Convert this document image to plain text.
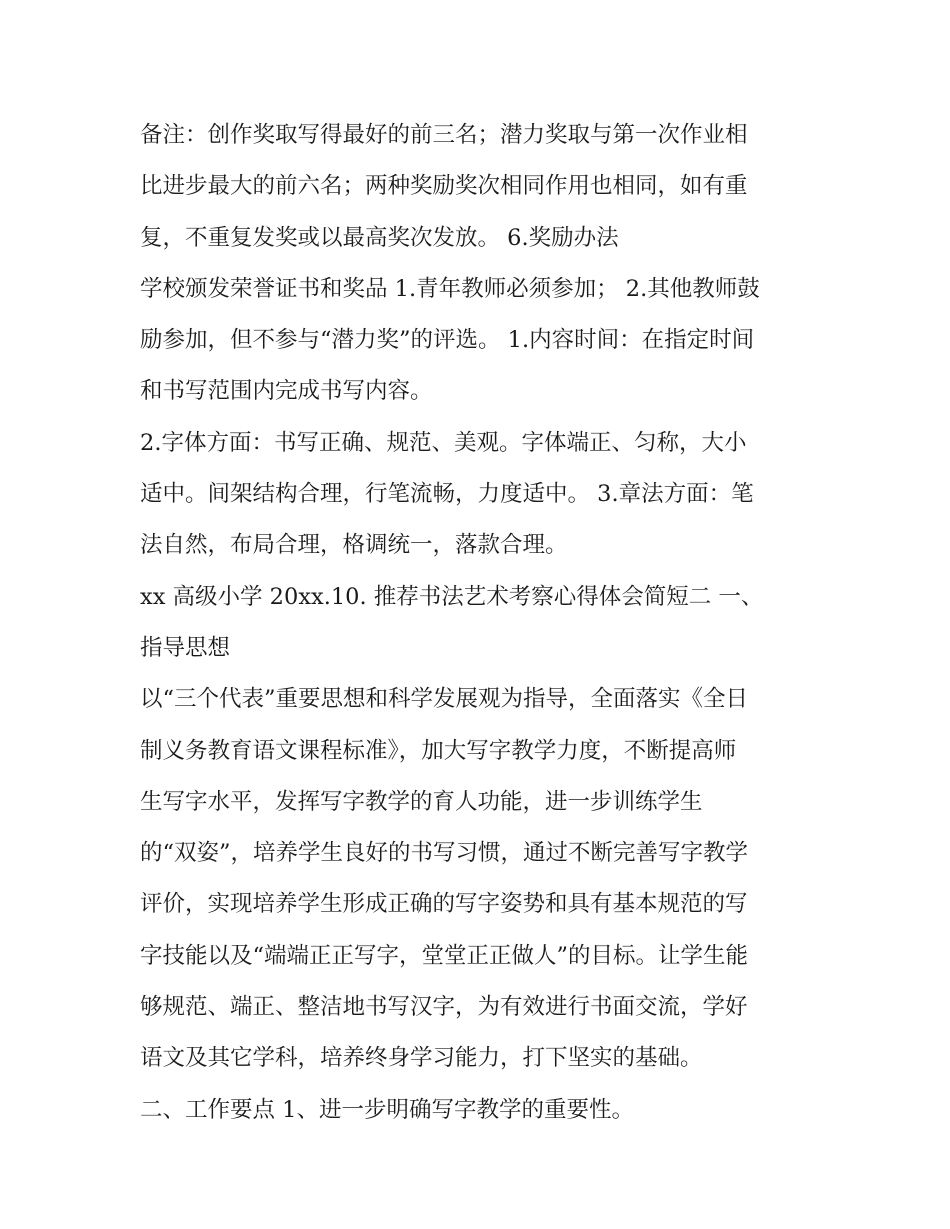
备注：创作奖取写得最好的前三名；潜力奖取与第一次作业相
比进步最大的前六名；两种奖励奖次相同作用也相同，如有重
复，不重复发奖或以最高奖次发放。 6.奖励办法
学校颁发荣誉证书和奖品 1.青年教师必须参加； 2.其他教师鼓
励参加，但不参与“潜力奖”的评选。 1.内容时间：在指定时间
和书写范围内完成书写内容。
2.字体方面：书写正确、规范、美观。字体端正、匀称，大小
适中。间架结构合理，行笔流畅，力度适中。 3.章法方面：笔
法自然，布局合理，格调统一，落款合理。
xx 高级小学 20xx.10. 推荐书法艺术考察心得体会简短二 一、
指导思想
以“三个代表”重要思想和科学发展观为指导，全面落实《全日
制义务教育语文课程标准》，加大写字教学力度，不断提高师
生写字水平，发挥写字教学的育人功能，进一步训练学生
的“双姿”，培养学生良好的书写习惯，通过不断完善写字教学
评价，实现培养学生形成正确的写字姿势和具有基本规范的写
字技能以及“端端正正写字，堂堂正正做人”的目标。让学生能
够规范、端正、整洁地书写汉字，为有效进行书面交流，学好
语文及其它学科，培养终身学习能力，打下坚实的基础。
二、工作要点 1、进一步明确写字教学的重要性。
